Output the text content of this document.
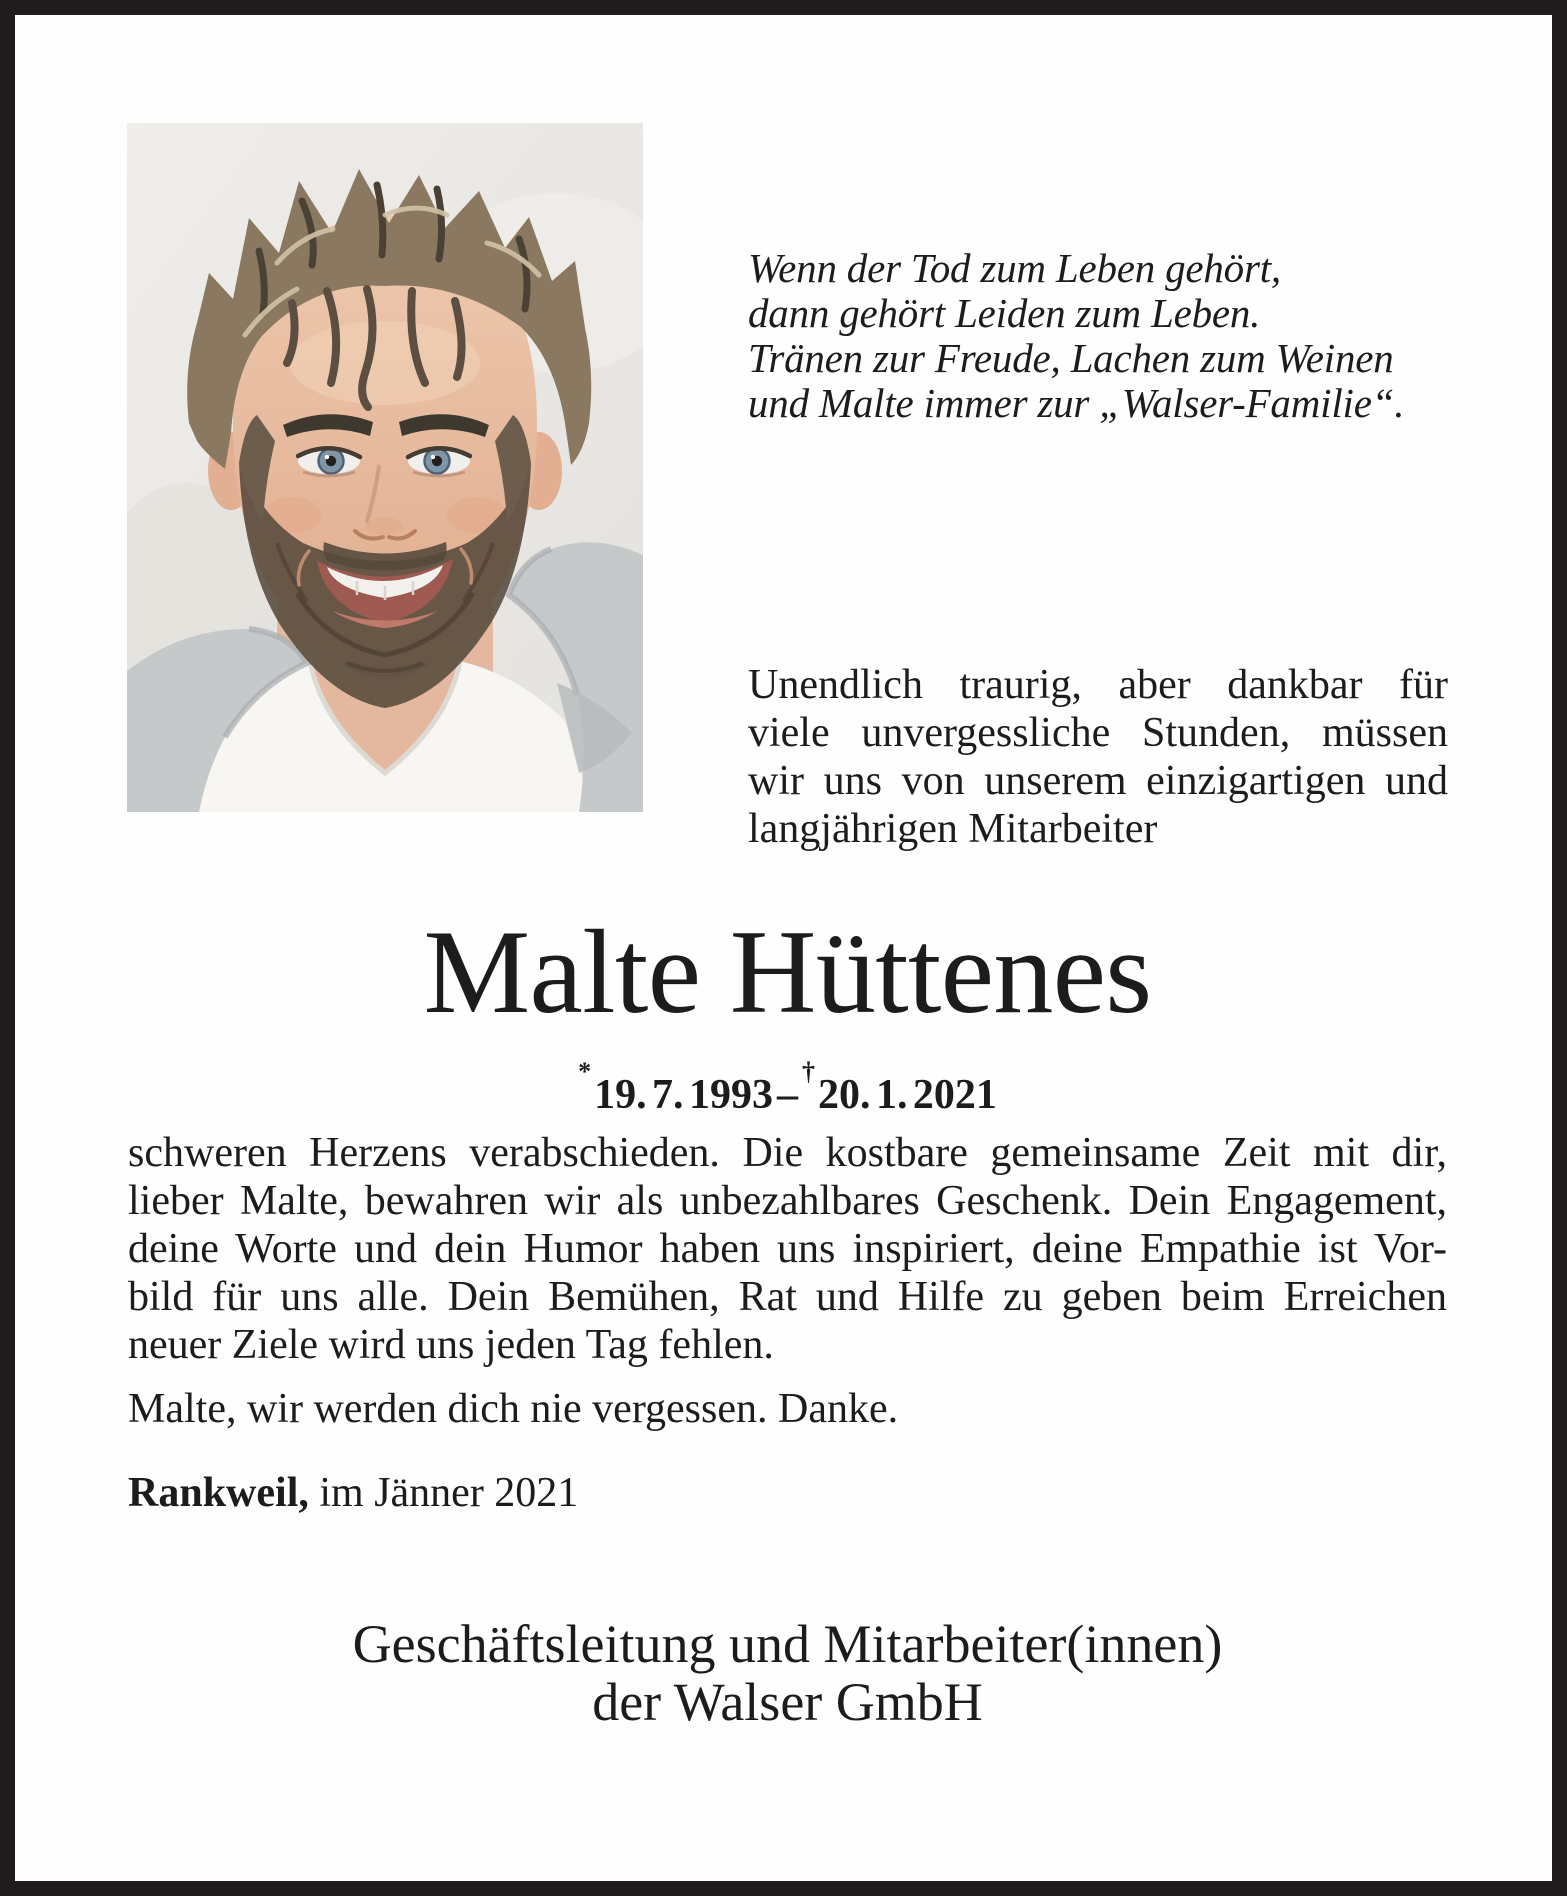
Wenn der Tod zum Leben gehört,
dann gehört Leiden zum Leben.
Tränen zur Freude, Lachen zum Weinen
und Malte immer zur „Walser-Familie“.
Unendlich traurig, aber dankbar für
viele unvergessliche Stunden, müssen
wir uns von unserem einzigartigen und
langjährigen Mitarbeiter
Malte Hüttenes
*19. 7. 1993–†20. 1. 2021
schweren Herzens verabschieden. Die kostbare gemeinsame Zeit mit dir,
lieber Malte, bewahren wir als unbezahlbares Geschenk. Dein Engagement,
deine Worte und dein Humor haben uns inspiriert, deine Empathie ist Vor-
bild für uns alle. Dein Bemühen, Rat und Hilfe zu geben beim Erreichen
neuer Ziele wird uns jeden Tag fehlen.
Malte, wir werden dich nie vergessen. Danke.
Rankweil, im Jänner 2021
Geschäftsleitung und Mitarbeiter(innen)
der Walser GmbH
